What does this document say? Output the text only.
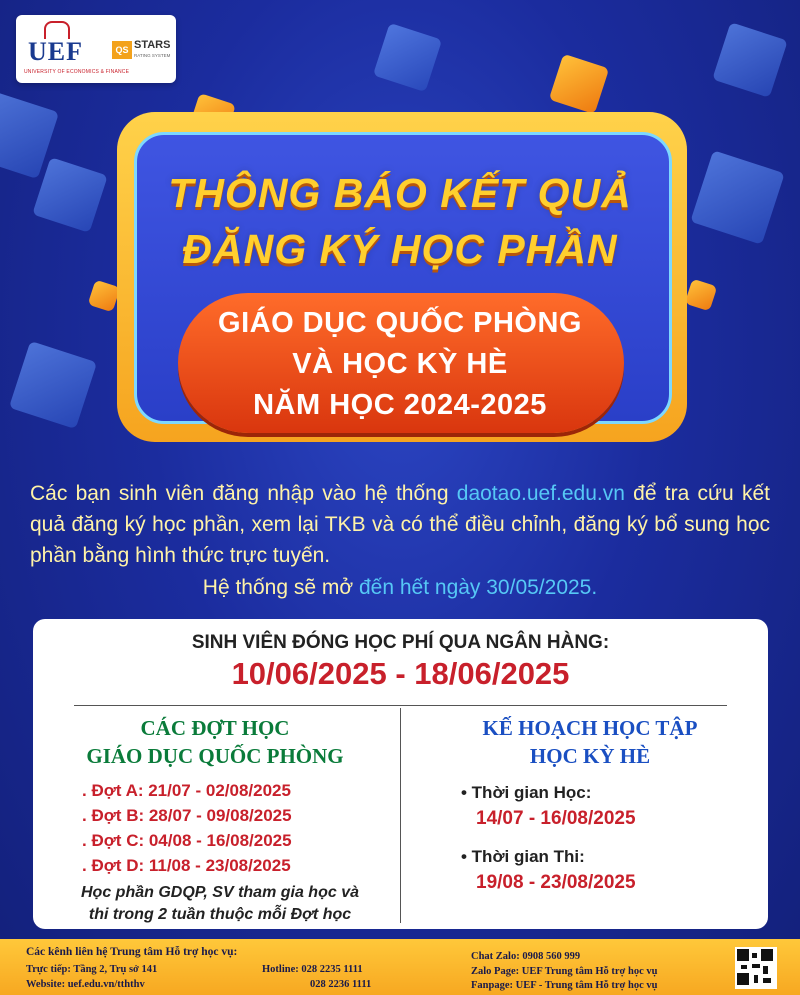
UEF
UNIVERSITY OF ECONOMICS & FINANCE
QS STARS
RATING SYSTEM
THÔNG BÁO KẾT QUẢ
ĐĂNG KÝ HỌC PHẦN
GIÁO DỤC QUỐC PHÒNG
VÀ HỌC KỲ HÈ
NĂM HỌC 2024-2025
Các bạn sinh viên đăng nhập vào hệ thống daotao.uef.edu.vn để tra cứu kết quả đăng ký học phần, xem lại TKB và có thể điều chỉnh, đăng ký bổ sung học phần bằng hình thức trực tuyến.
Hệ thống sẽ mở đến hết ngày 30/05/2025.
SINH VIÊN ĐÓNG HỌC PHÍ QUA NGÂN HÀNG:
10/06/2025 - 18/06/2025
CÁC ĐỢT HỌC
GIÁO DỤC QUỐC PHÒNG
. Đợt A: 21/07 - 02/08/2025
. Đợt B: 28/07 - 09/08/2025
. Đợt C: 04/08 - 16/08/2025
. Đợt D: 11/08 - 23/08/2025
Học phần GDQP, SV tham gia học và
thi trong 2 tuần thuộc mỗi Đợt học
KẾ HOẠCH HỌC TẬP
HỌC KỲ HÈ
• Thời gian Học:
14/07 - 16/08/2025
• Thời gian Thi:
19/08 - 23/08/2025
Các kênh liên hệ Trung tâm Hỗ trợ học vụ:
Trực tiếp: Tầng 2, Trụ sở 141
Website: uef.edu.vn/tththv
Hotline: 028 2235 1111
028 2236 1111
Chat Zalo: 0908 560 999
Zalo Page: UEF Trung tâm Hỗ trợ học vụ
Fanpage: UEF - Trung tâm Hỗ trợ học vụ
